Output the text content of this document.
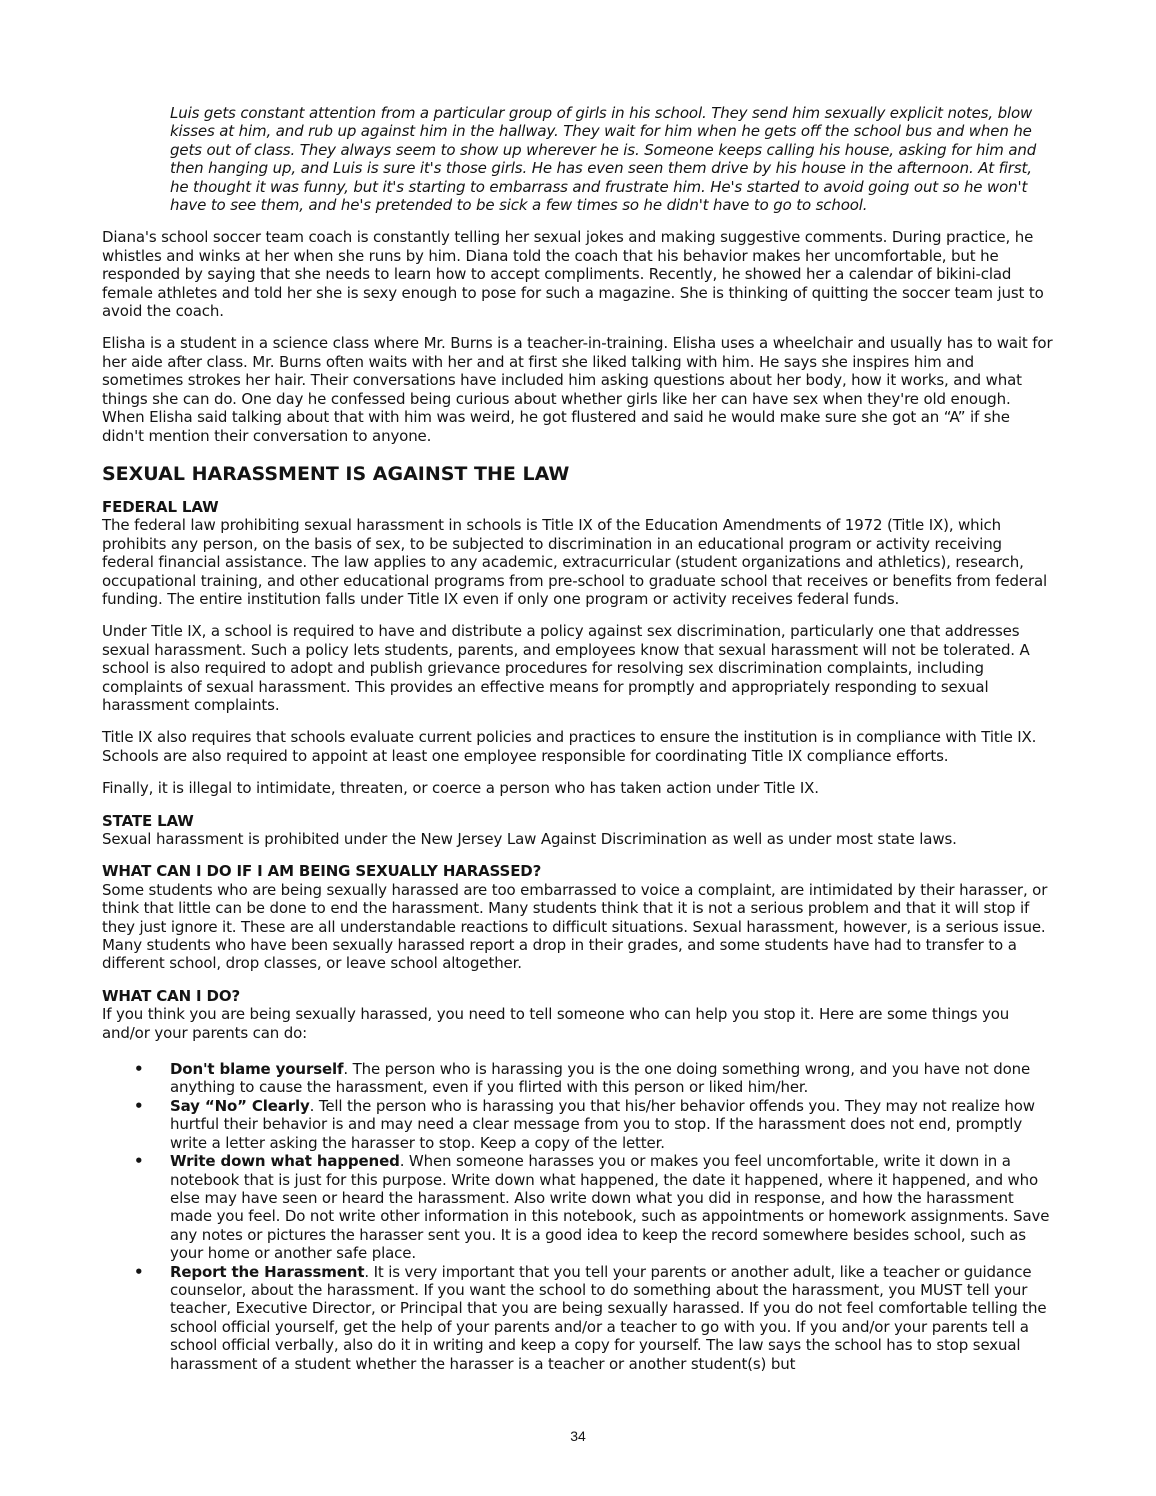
Luis gets constant attention from a particular group of girls in his school. They send him sexually explicit notes, blow kisses at him, and rub up against him in the hallway. They wait for him when he gets off the school bus and when he gets out of class. They always seem to show up wherever he is. Someone keeps calling his house, asking for him and then hanging up, and Luis is sure it's those girls. He has even seen them drive by his house in the afternoon. At first, he thought it was funny, but it's starting to embarrass and frustrate him. He's started to avoid going out so he won't have to see them, and he's pretended to be sick a few times so he didn't have to go to school.

Diana's school soccer team coach is constantly telling her sexual jokes and making suggestive comments. During practice, he whistles and winks at her when she runs by him. Diana told the coach that his behavior makes her uncomfortable, but he responded by saying that she needs to learn how to accept compliments. Recently, he showed her a calendar of bikini-clad female athletes and told her she is sexy enough to pose for such a magazine. She is thinking of quitting the soccer team just to avoid the coach.

Elisha is a student in a science class where Mr. Burns is a teacher-in-training. Elisha uses a wheelchair and usually has to wait for her aide after class. Mr. Burns often waits with her and at first she liked talking with him. He says she inspires him and sometimes strokes her hair. Their conversations have included him asking questions about her body, how it works, and what things she can do. One day he confessed being curious about whether girls like her can have sex when they're old enough. When Elisha said talking about that with him was weird, he got flustered and said he would make sure she got an “A” if she didn't mention their conversation to anyone.

SEXUAL HARASSMENT IS AGAINST THE LAW
FEDERAL LAW

The federal law prohibiting sexual harassment in schools is Title IX of the Education Amendments of 1972 (Title IX), which prohibits any person, on the basis of sex, to be subjected to discrimination in an educational program or activity receiving federal financial assistance. The law applies to any academic, extracurricular (student organizations and athletics), research, occupational training, and other educational programs from pre-school to graduate school that receives or benefits from federal funding. The entire institution falls under Title IX even if only one program or activity receives federal funds.

Under Title IX, a school is required to have and distribute a policy against sex discrimination, particularly one that addresses sexual harassment. Such a policy lets students, parents, and employees know that sexual harassment will not be tolerated. A school is also required to adopt and publish grievance procedures for resolving sex discrimination complaints, including complaints of sexual harassment. This provides an effective means for promptly and appropriately responding to sexual harassment complaints.

Title IX also requires that schools evaluate current policies and practices to ensure the institution is in compliance with Title IX. Schools are also required to appoint at least one employee responsible for coordinating Title IX compliance efforts.

Finally, it is illegal to intimidate, threaten, or coerce a person who has taken action under Title IX.

STATE LAW
Sexual harassment is prohibited under the New Jersey Law Against Discrimination as well as under most state laws.
WHAT CAN I DO IF I AM BEING SEXUALLY HARASSED?
Some students who are being sexually harassed are too embarrassed to voice a complaint, are intimidated by their harasser, or think that little can be done to end the harassment. Many students think that it is not a serious problem and that it will stop if they just ignore it. These are all understandable reactions to difficult situations. Sexual harassment, however, is a serious issue. Many students who have been sexually harassed report a drop in their grades, and some students have had to transfer to a different school, drop classes, or leave school altogether.
WHAT CAN I DO?
If you think you are being sexually harassed, you need to tell someone who can help you stop it. Here are some things you and/or your parents can do:
• Don't blame yourself. The person who is harassing you is the one doing something wrong, and you have not done anything to cause the harassment, even if you flirted with this person or liked him/her.
• Say “No” Clearly. Tell the person who is harassing you that his/her behavior offends you. They may not realize how hurtful their behavior is and may need a clear message from you to stop. If the harassment does not end, promptly write a letter asking the harasser to stop. Keep a copy of the letter.
• Write down what happened. When someone harasses you or makes you feel uncomfortable, write it down in a notebook that is just for this purpose. Write down what happened, the date it happened, where it happened, and who else may have seen or heard the harassment. Also write down what you did in response, and how the harassment made you feel. Do not write other information in this notebook, such as appointments or homework assignments. Save any notes or pictures the harasser sent you. It is a good idea to keep the record somewhere besides school, such as your home or another safe place.
• Report the Harassment. It is very important that you tell your parents or another adult, like a teacher or guidance counselor, about the harassment. If you want the school to do something about the harassment, you MUST tell your teacher, Executive Director, or Principal that you are being sexually harassed. If you do not feel comfortable telling the school official yourself, get the help of your parents and/or a teacher to go with you. If you and/or your parents tell a school official verbally, also do it in writing and keep a copy for yourself. The law says the school has to stop sexual harassment of a student whether the harasser is a teacher or another student(s) but
34
